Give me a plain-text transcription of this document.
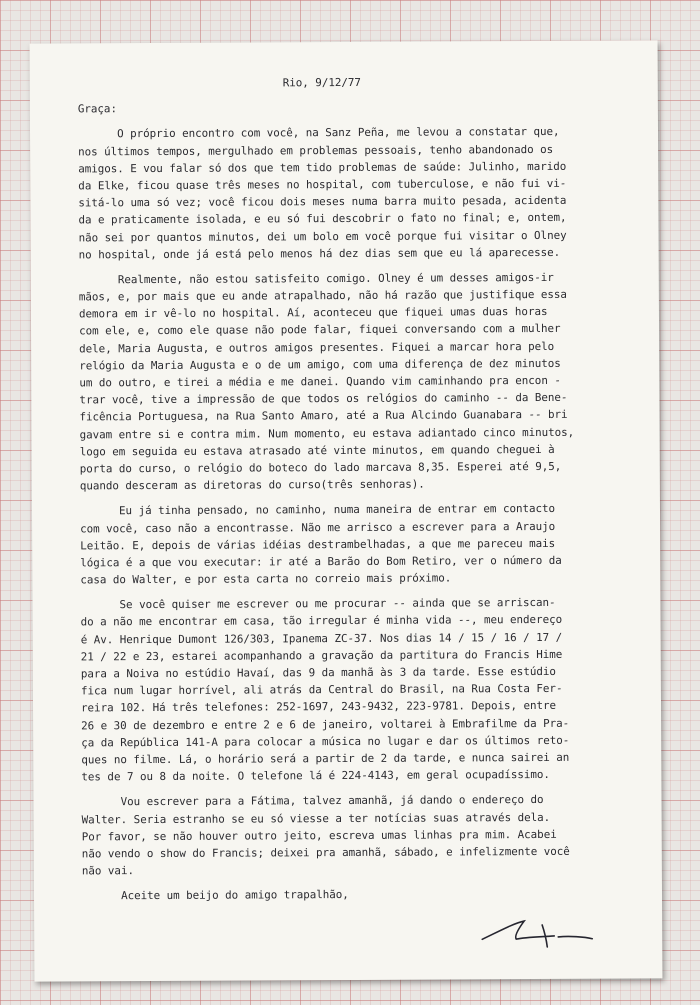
Rio, 9/12/77
Graça:
O próprio encontro com você, na Sanz Peña, me levou a constatar que,
nos últimos tempos, mergulhado em problemas pessoais, tenho abandonado os
amigos. E vou falar só dos que tem tido problemas de saúde: Julinho, marido
da Elke, ficou quase três meses no hospital, com tuberculose, e não fui vi-
sitá-lo uma só vez; você ficou dois meses numa barra muito pesada, acidenta
da e praticamente isolada, e eu só fui descobrir o fato no final; e, ontem,
não sei por quantos minutos, dei um bolo em você porque fui visitar o Olney
no hospital, onde já está pelo menos há dez dias sem que eu lá aparecesse.
Realmente, não estou satisfeito comigo. Olney é um desses amigos-ir
mãos, e, por mais que eu ande atrapalhado, não há razão que justifique essa
demora em ir vê-lo no hospital. Aí, aconteceu que fiquei umas duas horas
com ele, e, como ele quase não pode falar, fiquei conversando com a mulher
dele, Maria Augusta, e outros amigos presentes. Fiquei a marcar hora pelo
relógio da Maria Augusta e o de um amigo, com uma diferença de dez minutos
um do outro, e tirei a média e me danei. Quando vim caminhando pra encon -
trar você, tive a impressão de que todos os relógios do caminho -- da Bene-
ficência Portuguesa, na Rua Santo Amaro, até a Rua Alcindo Guanabara -- bri
gavam entre si e contra mim. Num momento, eu estava adiantado cinco minutos,
logo em seguida eu estava atrasado até vinte minutos, em quando cheguei à
porta do curso, o relógio do boteco do lado marcava 8,35. Esperei até 9,5,
quando desceram as diretoras do curso(três senhoras).
Eu já tinha pensado, no caminho, numa maneira de entrar em contacto
com você, caso não a encontrasse. Não me arrisco a escrever para a Araujo
Leitão. E, depois de várias idéias destrambelhadas, a que me pareceu mais
lógica é a que vou executar: ir até a Barão do Bom Retiro, ver o número da
casa do Walter, e por esta carta no correio mais próximo.
Se você quiser me escrever ou me procurar -- ainda que se arriscan-
do a não me encontrar em casa, tão irregular é minha vida --, meu endereço
é Av. Henrique Dumont 126/303, Ipanema ZC-37. Nos dias 14 / 15 / 16 / 17 /
21 / 22 e 23, estarei acompanhando a gravação da partitura do Francis Hime
para a Noiva no estúdio Havaí, das 9 da manhã às 3 da tarde. Esse estúdio
fica num lugar horrível, ali atrás da Central do Brasil, na Rua Costa Fer-
reira 102. Há três telefones: 252-1697, 243-9432, 223-9781. Depois, entre
26 e 30 de dezembro e entre 2 e 6 de janeiro, voltarei à Embrafilme da Pra-
ça da República 141-A para colocar a música no lugar e dar os últimos reto-
ques no filme. Lá, o horário será a partir de 2 da tarde, e nunca sairei an
tes de 7 ou 8 da noite. O telefone lá é 224-4143, em geral ocupadíssimo.
Vou escrever para a Fátima, talvez amanhã, já dando o endereço do
Walter. Seria estranho se eu só viesse a ter notícias suas através dela.
Por favor, se não houver outro jeito, escreva umas linhas pra mim. Acabei
não vendo o show do Francis; deixei pra amanhã, sábado, e infelizmente você
não vai.
Aceite um beijo do amigo trapalhão,
